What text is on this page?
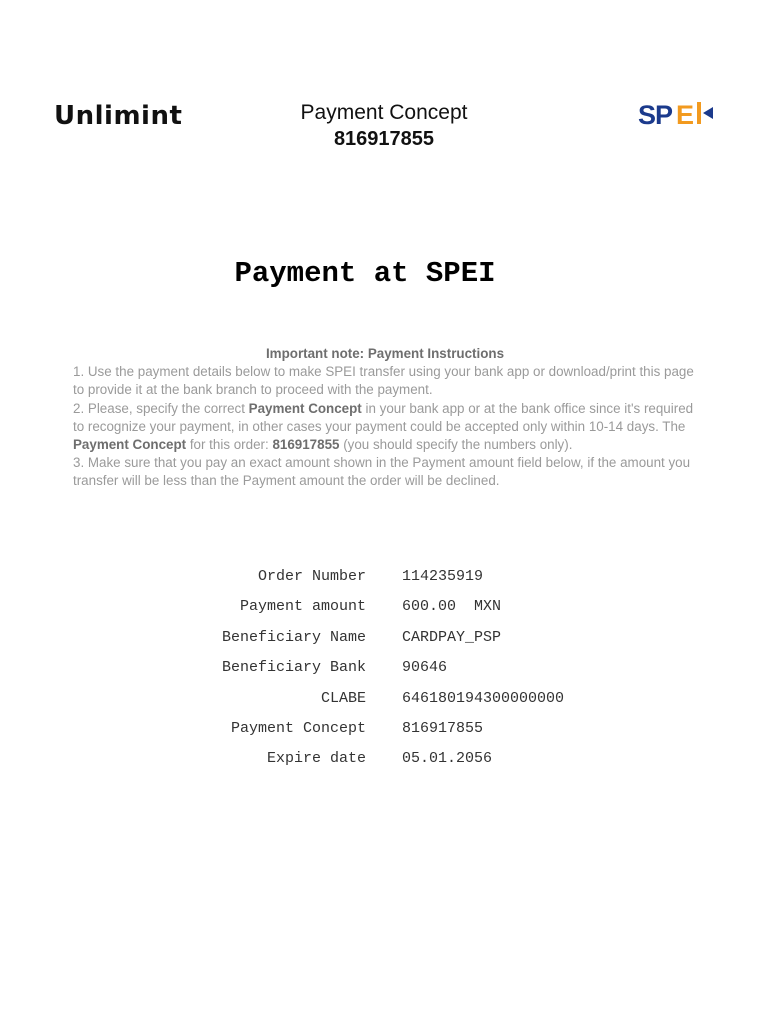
Unlimint	Payment Concept
816917855
SP E
Payment at SPEI
Important note: Payment Instructions
1. Use the payment details below to make SPEI transfer using your bank app or download/print this page to provide it at the bank branch to proceed with the payment.
2. Please, specify the correct Payment Concept in your bank app or at the bank office since it's required to recognize your payment, in other cases your payment could be accepted only within 10-14 days. The Payment Concept for this order: 816917855 (you should specify the numbers only).
3. Make sure that you pay an exact amount shown in the Payment amount field below, if the amount you transfer will be less than the Payment amount the order will be declined.
Order Number 114235919
Payment amount 600.00  MXN
Beneficiary Name CARDPAY_PSP
Beneficiary Bank 90646
CLABE 646180194300000000
Payment Concept 816917855
Expire date 05.01.2056
